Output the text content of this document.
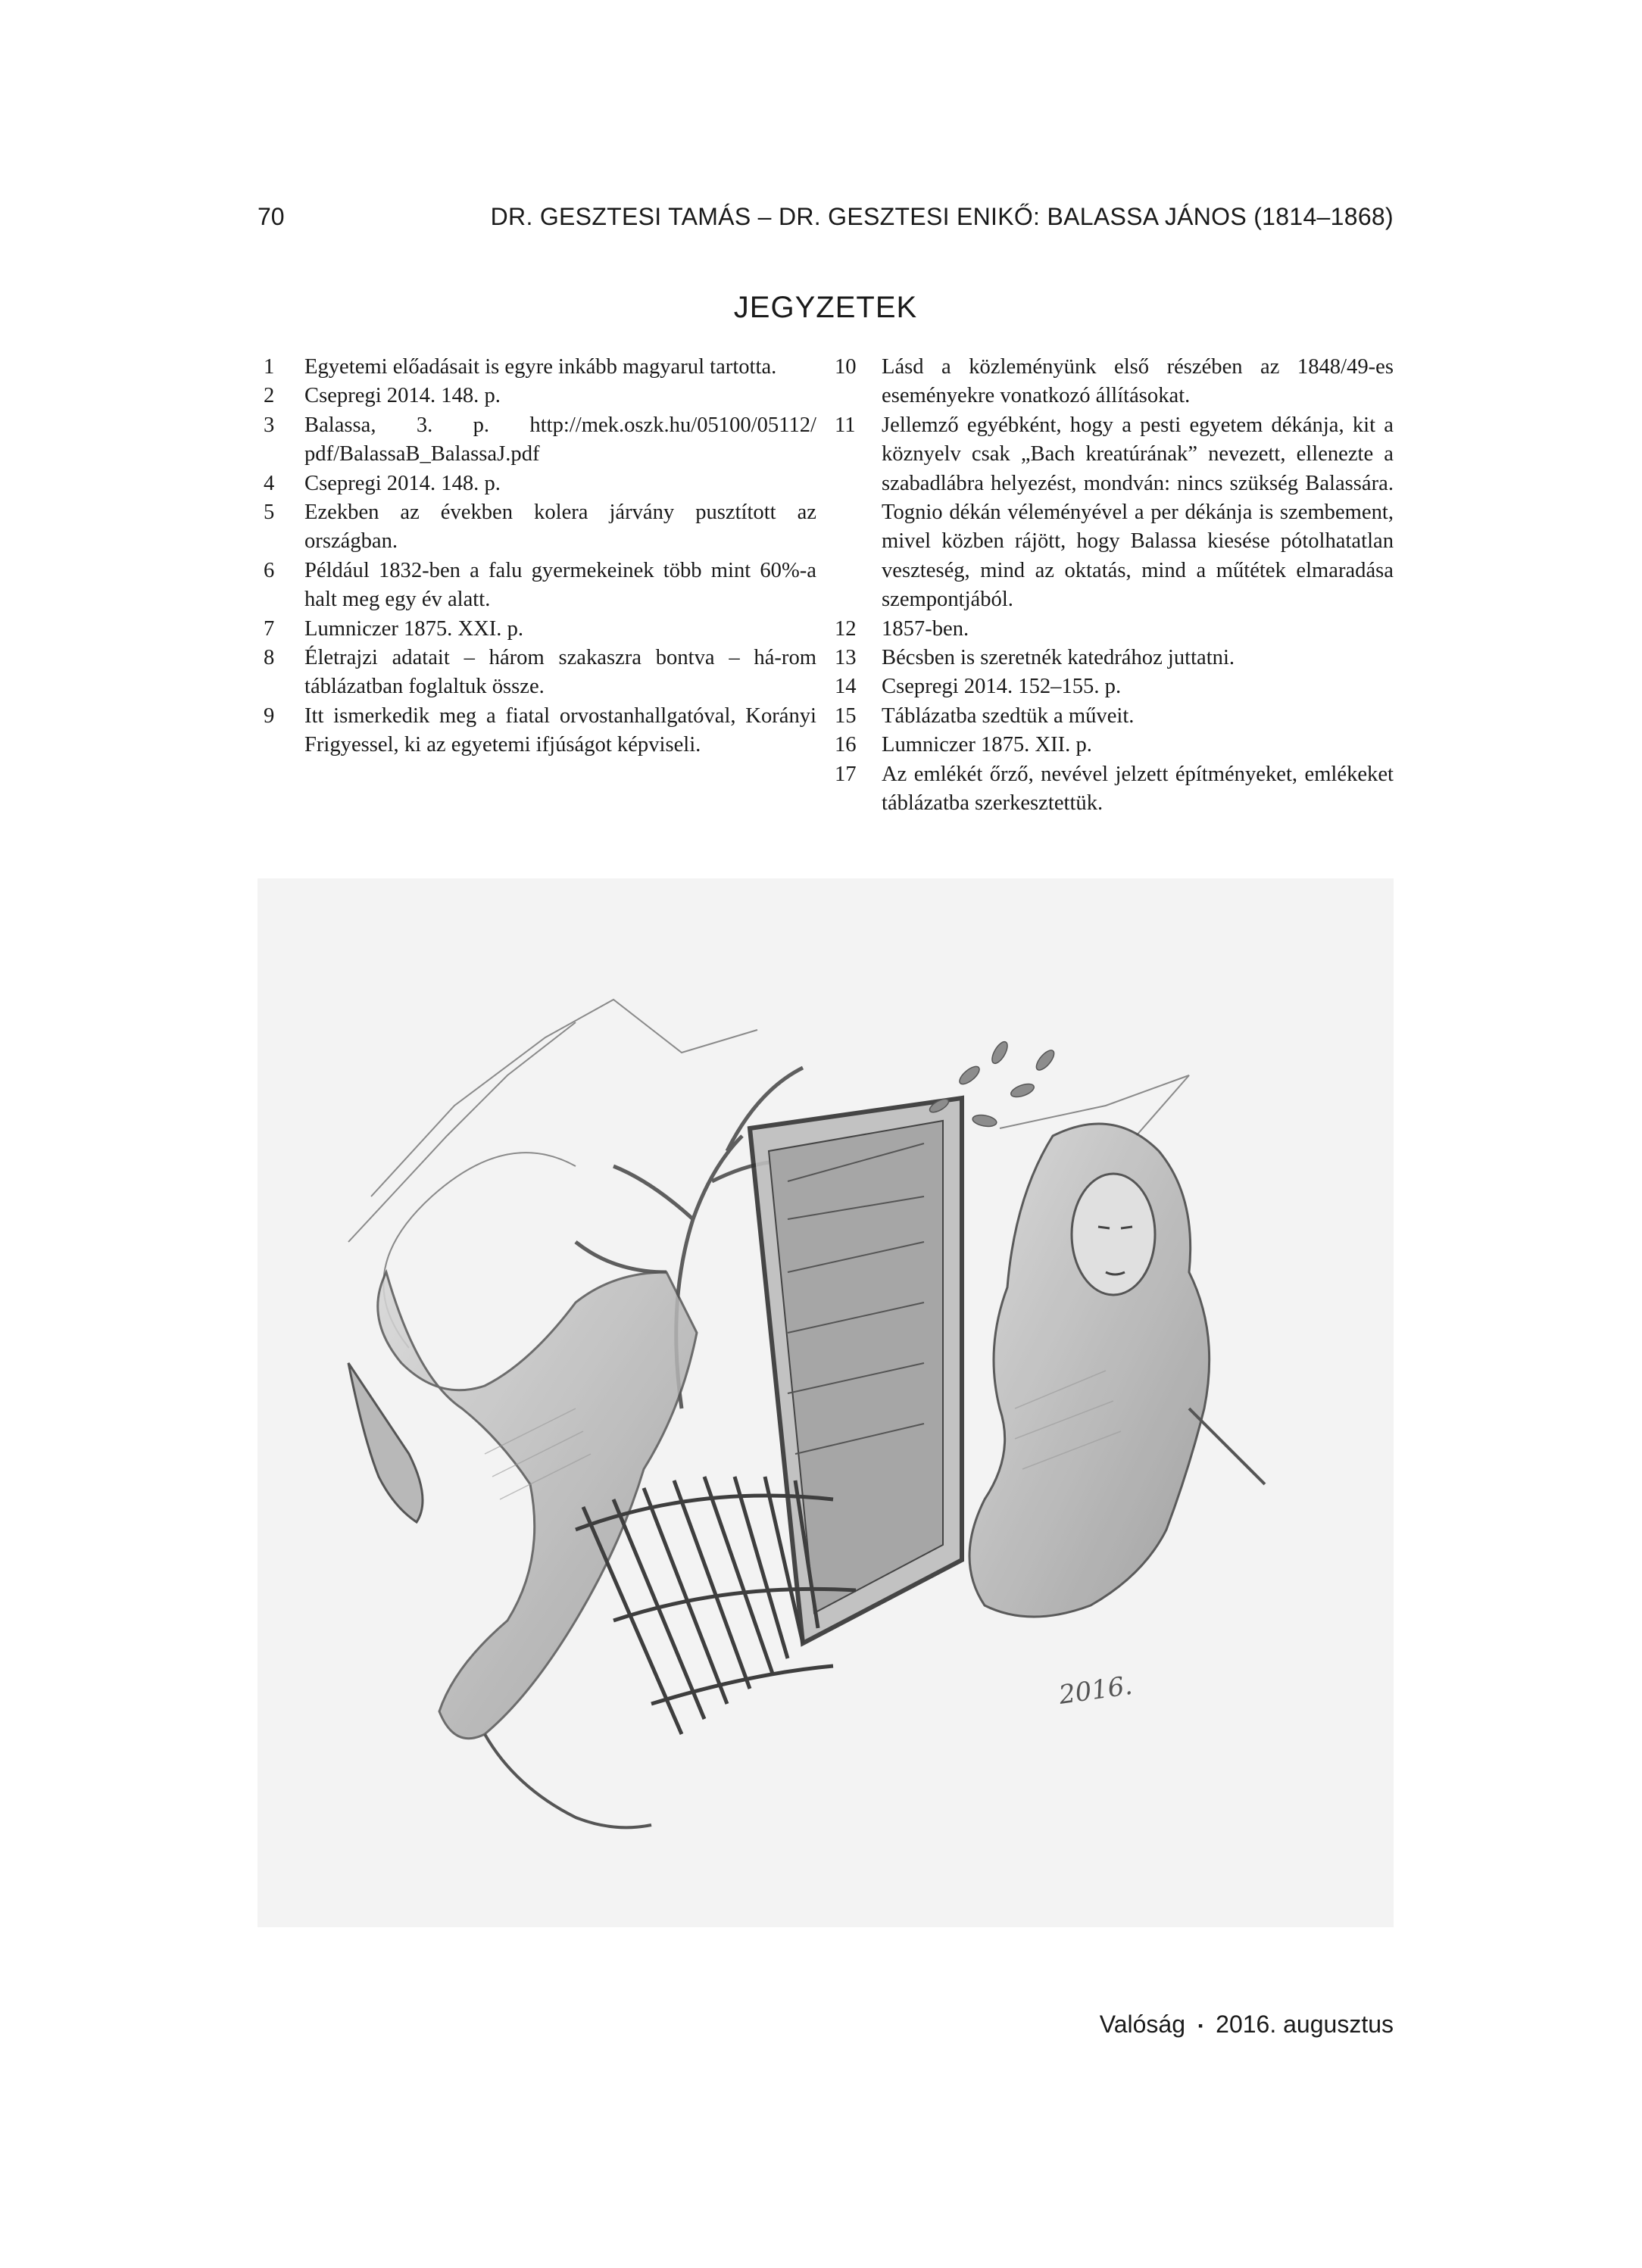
70	DR. GESZTESI TAMÁS – DR. GESZTESI ENIKŐ: BALASSA JÁNOS (1814–1868)
JEGYZETEK
1	Egyetemi előadásait is egyre inkább magyarul tartotta.
2	Csepregi 2014. 148. p.
3	Balassa, 3. p. http://mek.oszk.hu/05100/05112/ pdf/BalassaB_BalassaJ.pdf
4	Csepregi 2014. 148. p.
5	Ezekben az években kolera járvány pusztított az országban.
6	Például 1832-ben a falu gyermekeinek több mint 60%-a halt meg egy év alatt.
7	Lumniczer 1875. XXI. p.
8	Életrajzi adatait – három szakaszra bontva – há-rom táblázatban foglaltuk össze.
9	Itt ismerkedik meg a fiatal orvostanhallgatóval, Korányi Frigyessel, ki az egyetemi ifjúságot képviseli.
10	Lásd a közleményünk első részében az 1848/49-es eseményekre vonatkozó állításokat.
11	Jellemző egyébként, hogy a pesti egyetem dékánja, kit a köznyelv csak „Bach kreatúrának” nevezett, ellenezte a szabadlábra helyezést, mondván: nincs szükség Balassára. Tognio dékán véleményével a per dékánja is szembement, mivel közben rájött, hogy Balassa kiesése pótolhatatlan veszteség, mind az oktatás, mind a műtétek elmaradása szempontjából.
12	1857-ben.
13	Bécsben is szeretnék katedrához juttatni.
14	Csepregi 2014. 152–155. p.
15	Táblázatba szedtük a műveit.
16	Lumniczer 1875. XII. p.
17	Az emlékét őrző, nevével jelzett építményeket, emlékeket táblázatba szerkesztettük.
2016.
Valóság ▪ 2016. augusztus
